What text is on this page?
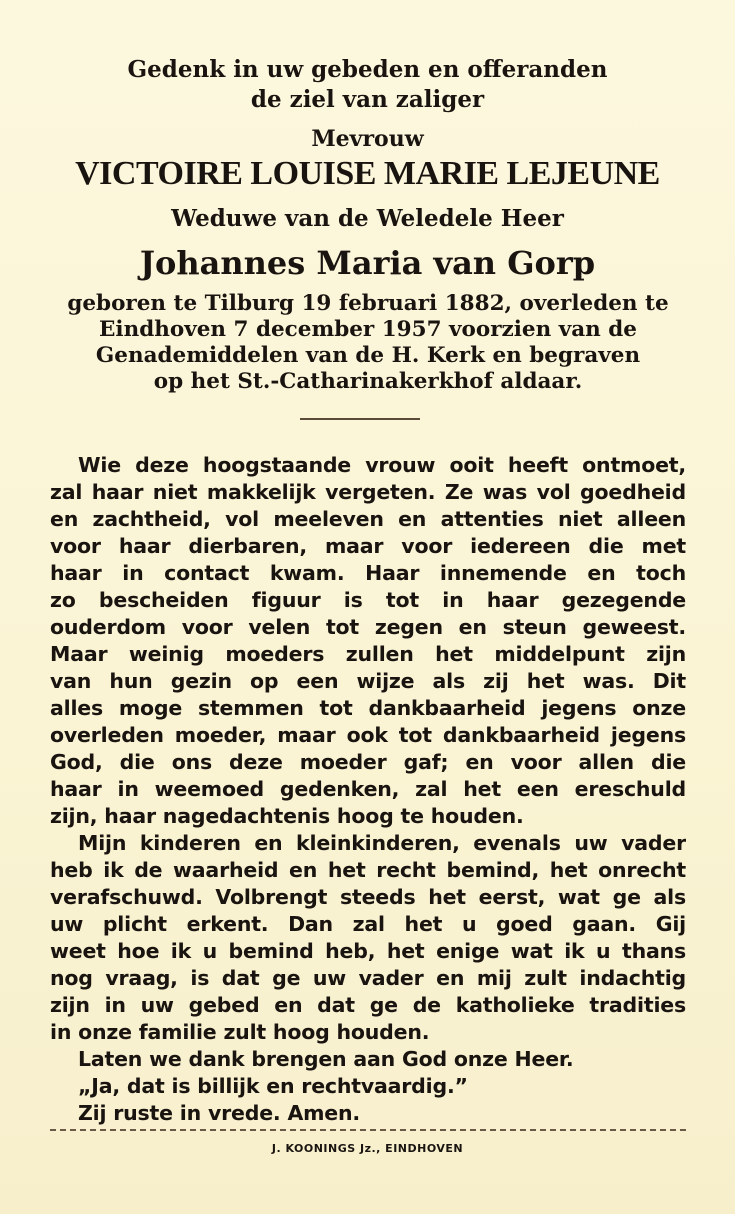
Gedenk in uw gebeden en offeranden
de ziel van zaliger
Mevrouw
VICTOIRE LOUISE MARIE LEJEUNE
Weduwe van de Weledele Heer
Johannes Maria van Gorp
geboren te Tilburg 19 februari 1882, overleden te
Eindhoven 7 december 1957 voorzien van de
Genademiddelen van de H. Kerk en begraven
op het St.-Catharinakerkhof aldaar.
Wie deze hoogstaande vrouw ooit heeft ontmoet,
zal haar niet makkelijk vergeten. Ze was vol goedheid
en zachtheid, vol meeleven en attenties niet alleen
voor haar dierbaren, maar voor iedereen die met
haar in contact kwam. Haar innemende en toch
zo bescheiden figuur is tot in haar gezegende
ouderdom voor velen tot zegen en steun geweest.
Maar weinig moeders zullen het middelpunt zijn
van hun gezin op een wijze als zij het was. Dit
alles moge stemmen tot dankbaarheid jegens onze
overleden moeder, maar ook tot dankbaarheid jegens
God, die ons deze moeder gaf; en voor allen die
haar in weemoed gedenken, zal het een ereschuld
zijn, haar nagedachtenis hoog te houden.
Mijn kinderen en kleinkinderen, evenals uw vader
heb ik de waarheid en het recht bemind, het onrecht
verafschuwd. Volbrengt steeds het eerst, wat ge als
uw plicht erkent. Dan zal het u goed gaan. Gij
weet hoe ik u bemind heb, het enige wat ik u thans
nog vraag, is dat ge uw vader en mij zult indachtig
zijn in uw gebed en dat ge de katholieke tradities
in onze familie zult hoog houden.
Laten we dank brengen aan God onze Heer.
„Ja, dat is billijk en rechtvaardig.”
Zij ruste in vrede. Amen.
J. KOONINGS Jz., EINDHOVEN
